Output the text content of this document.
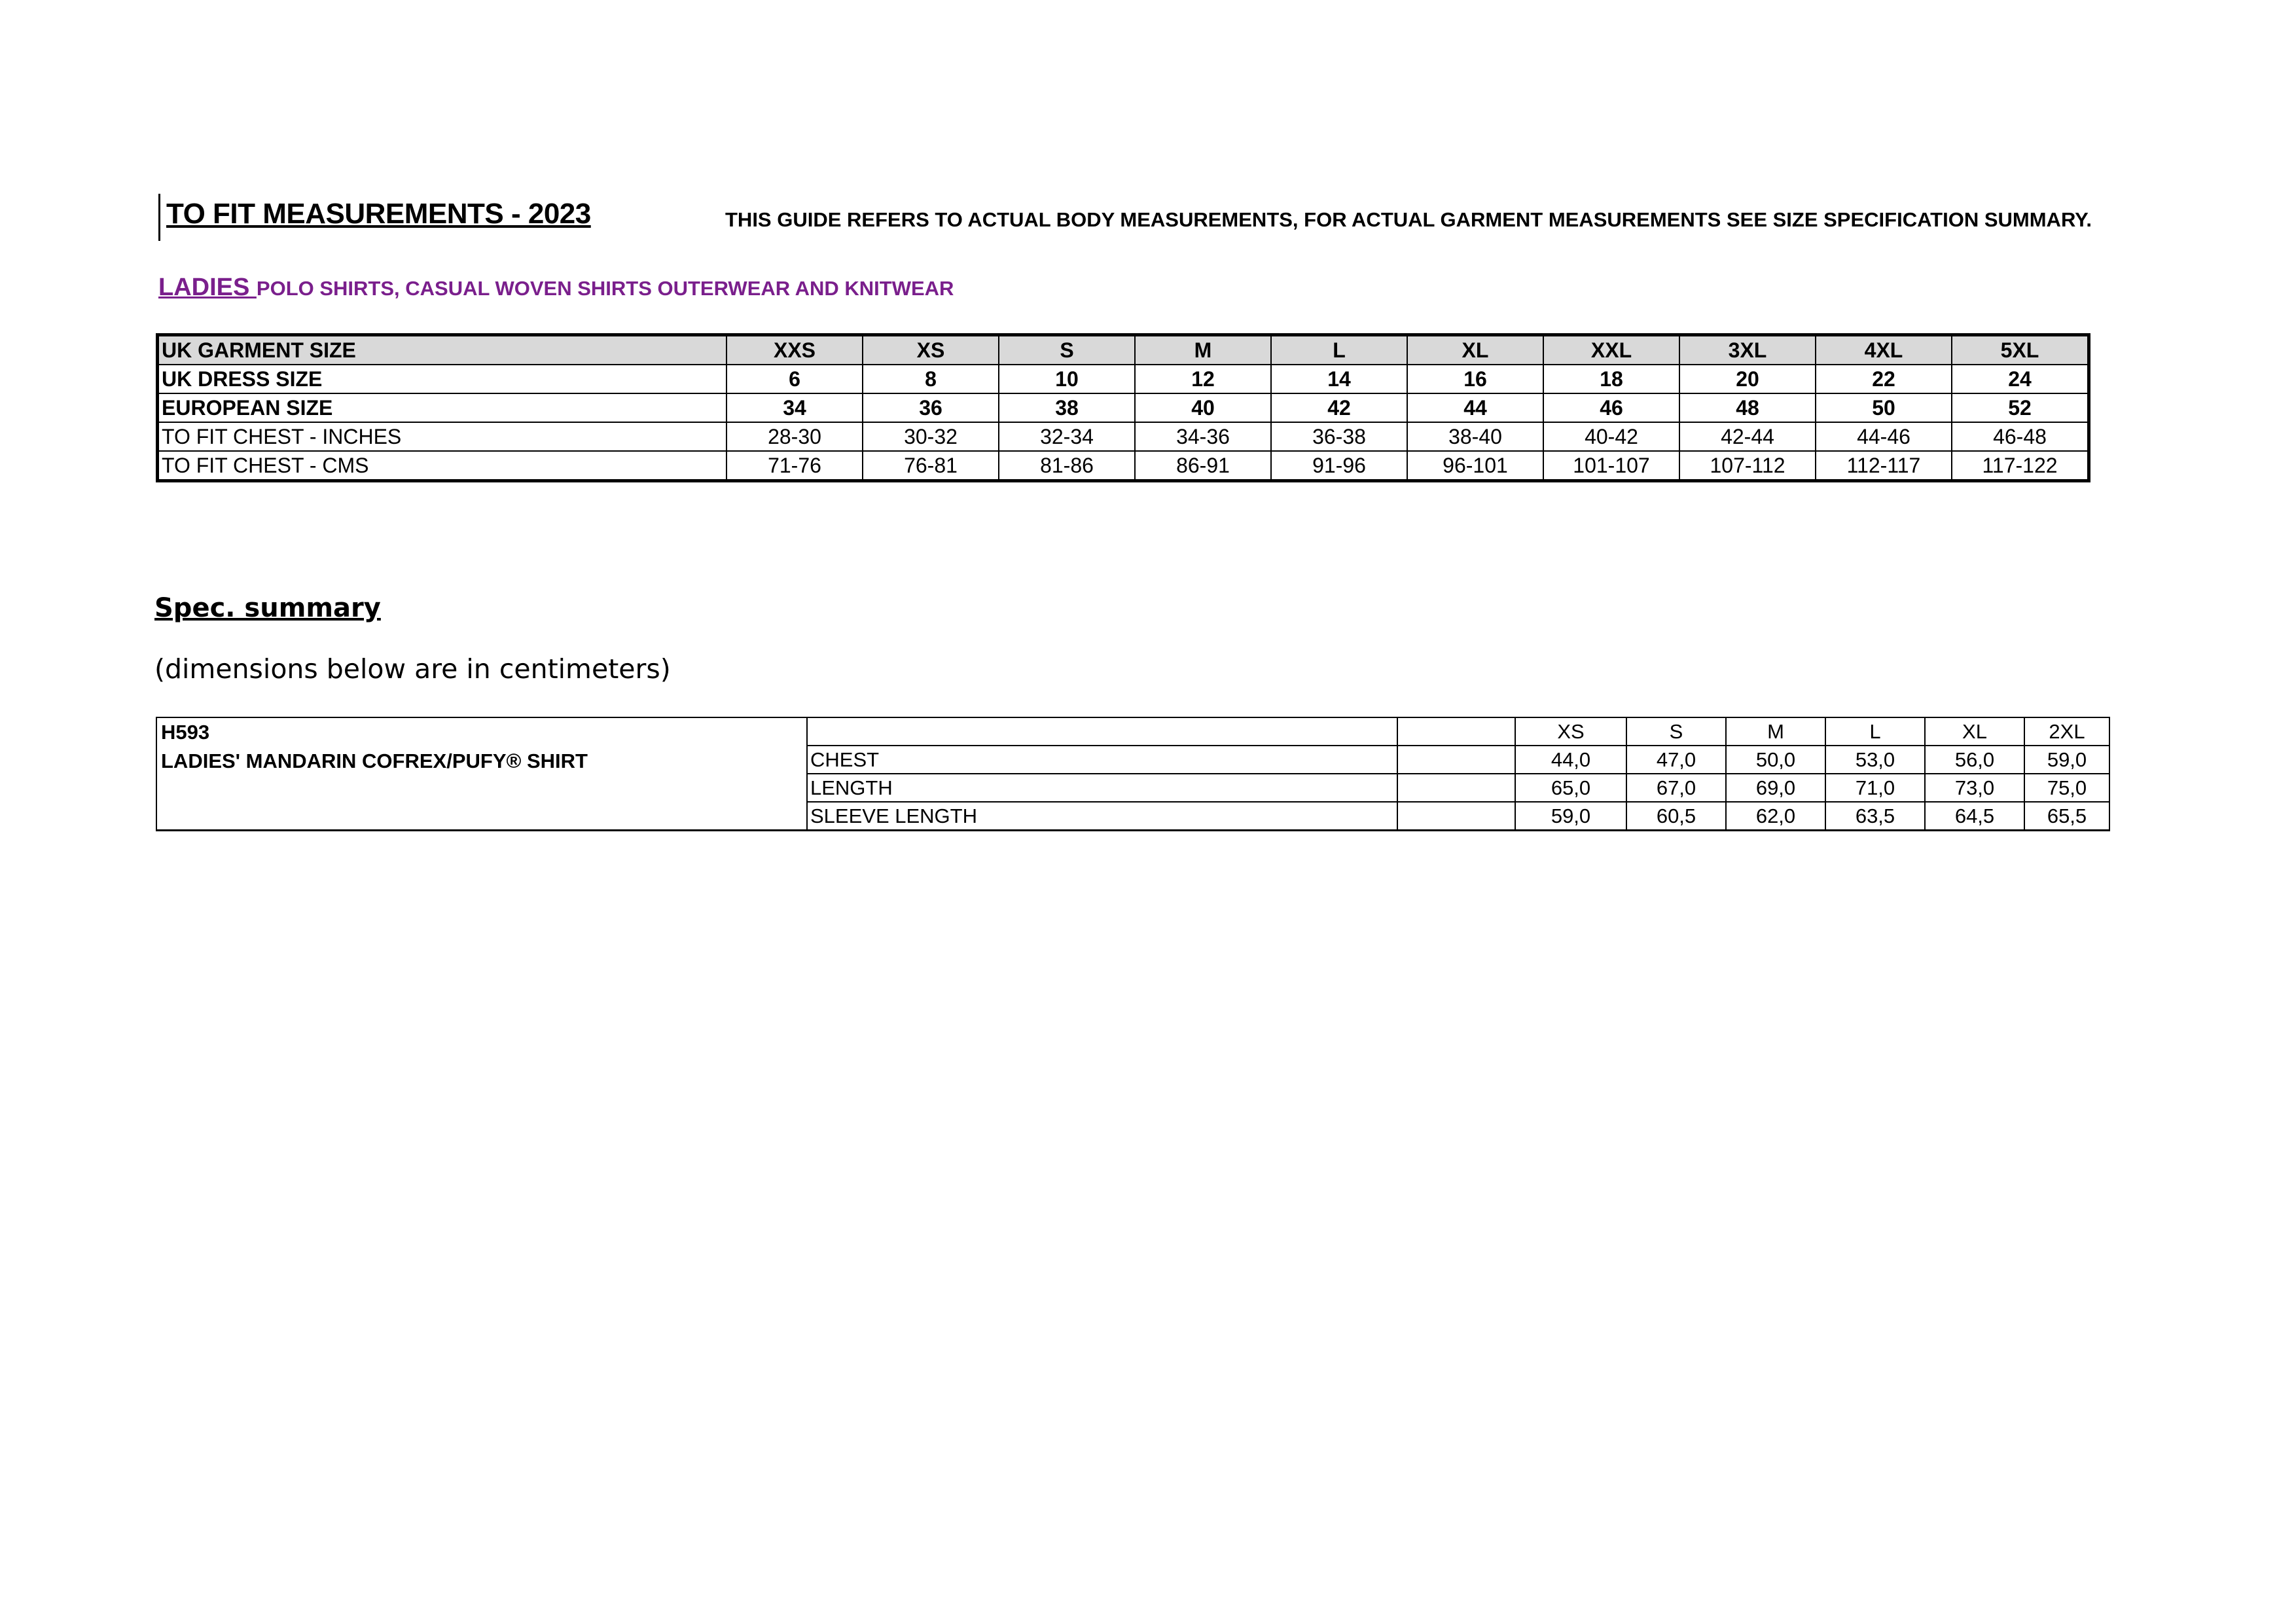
TO FIT MEASUREMENTS - 2023	THIS GUIDE REFERS TO ACTUAL BODY MEASUREMENTS, FOR ACTUAL GARMENT MEASUREMENTS SEE SIZE SPECIFICATION SUMMARY.
LADIES POLO SHIRTS, CASUAL WOVEN SHIRTS OUTERWEAR AND KNITWEAR
UK GARMENT SIZE	XXS	XS	S	M	L	XL	XXL	3XL	4XL	5XL
UK DRESS SIZE	6	8	10	12	14	16	18	20	22	24
EUROPEAN SIZE	34	36	38	40	42	44	46	48	50	52
TO FIT CHEST - INCHES	28-30	30-32	32-34	34-36	36-38	38-40	40-42	42-44	44-46	46-48
TO FIT CHEST - CMS	71-76	76-81	81-86	86-91	91-96	96-101	101-107	107-112	112-117	117-122
Spec. summary
(dimensions below are in centimeters)
H593
LADIES' MANDARIN COFREX/PUFY® SHIRT			XS	S	M	L	XL	2XL
	CHEST		44,0	47,0	50,0	53,0	56,0	59,0
	LENGTH		65,0	67,0	69,0	71,0	73,0	75,0
	SLEEVE LENGTH		59,0	60,5	62,0	63,5	64,5	65,5
